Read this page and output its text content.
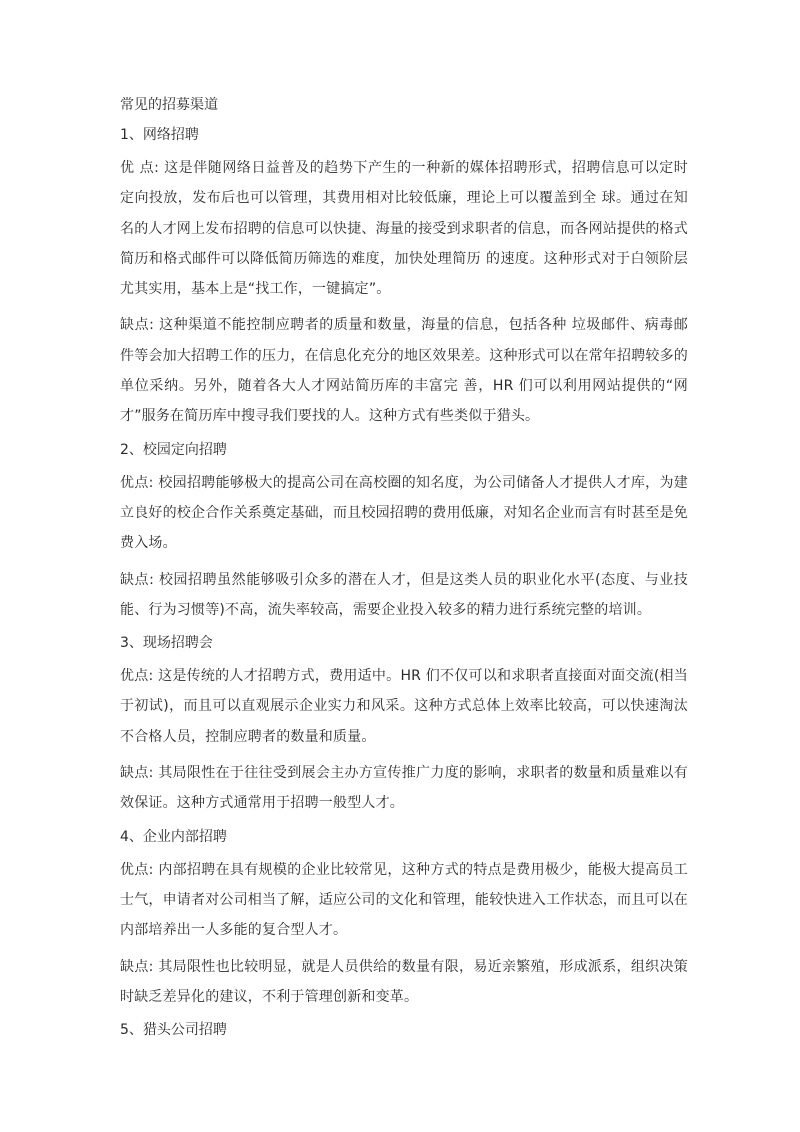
常见的招募渠道
1、网络招聘

优 点: 这是伴随网络日益普及的趋势下产生的一种新的媒体招聘形式，招聘信息可以定时定向投放，发布后也可以管理，其费用相对比较低廉，理论上可以覆盖到全 球。通过在知名的人才网上发布招聘的信息可以快捷、海量的接受到求职者的信息，而各网站提供的格式简历和格式邮件可以降低简历筛选的难度，加快处理简历 的速度。这种形式对于白领阶层尤其实用，基本上是“找工作，一键搞定”。

缺点: 这种渠道不能控制应聘者的质量和数量，海量的信息，包括各种 垃圾邮件、病毒邮件等会加大招聘工作的压力，在信息化充分的地区效果差。这种形式可以在常年招聘较多的单位采纳。另外，随着各大人才网站简历库的丰富完 善，HR 们可以利用网站提供的“网才”服务在简历库中搜寻我们要找的人。这种方式有些类似于猎头。

2、校园定向招聘

优点: 校园招聘能够极大的提高公司在高校圈的知名度，为公司储备人才提供人才库，为建立良好的校企合作关系奠定基础，而且校园招聘的费用低廉，对知名企业而言有时甚至是免费入场。

缺点: 校园招聘虽然能够吸引众多的潜在人才，但是这类人员的职业化水平(态度、与业技能、行为习惯等)不高，流失率较高，需要企业投入较多的精力进行系统完整的培训。

3、现场招聘会

优点: 这是传统的人才招聘方式，费用适中。HR 们不仅可以和求职者直接面对面交流(相当于初试)，而且可以直观展示企业实力和风采。这种方式总体上效率比较高，可以快速淘汰不合格人员，控制应聘者的数量和质量。

缺点: 其局限性在于往往受到展会主办方宣传推广力度的影响，求职者的数量和质量难以有效保证。这种方式通常用于招聘一般型人才。

4、企业内部招聘

优点: 内部招聘在具有规模的企业比较常见，这种方式的特点是费用极少，能极大提高员工士气，申请者对公司相当了解，适应公司的文化和管理，能较快进入工作状态，而且可以在内部培养出一人多能的复合型人才。

缺点: 其局限性也比较明显，就是人员供给的数量有限，易近亲繁殖，形成派系，组织决策时缺乏差异化的建议，不利于管理创新和变革。

5、猎头公司招聘
